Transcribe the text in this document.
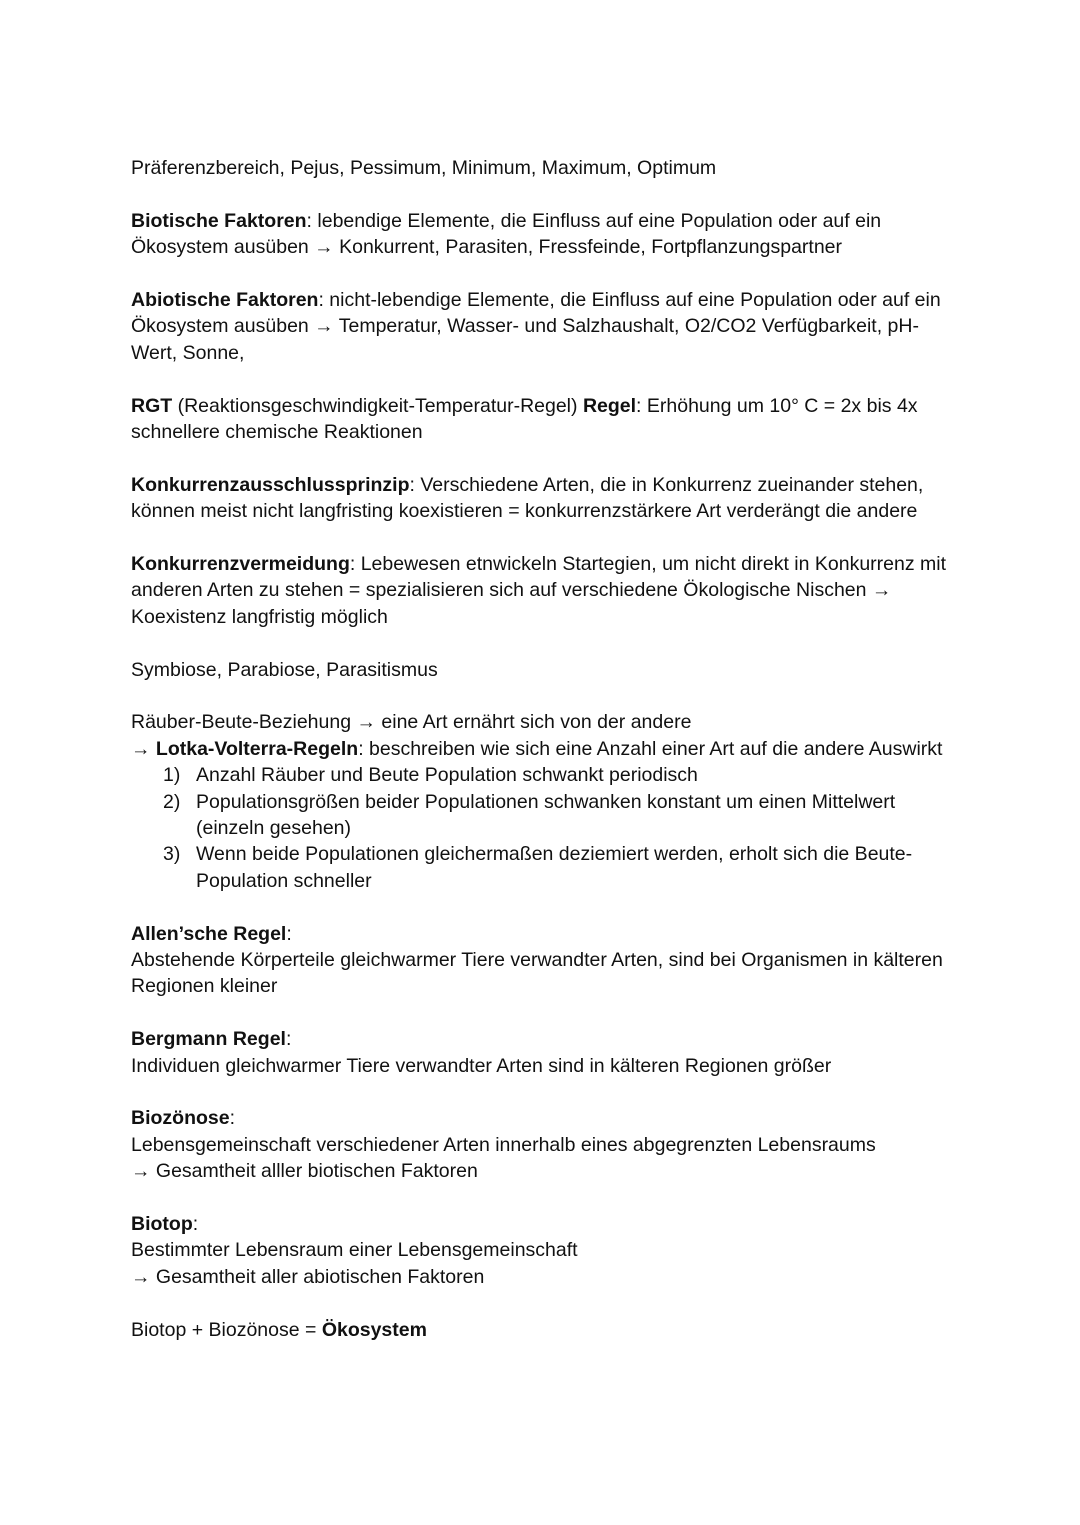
Präferenzbereich, Pejus, Pessimum, Minimum, Maximum, Optimum

Biotische Faktoren: lebendige Elemente, die Einfluss auf eine Population oder auf ein Ökosystem ausüben → Konkurrent, Parasiten, Fressfeinde, Fortpflanzungspartner

Abiotische Faktoren: nicht-lebendige Elemente, die Einfluss auf eine Population oder auf ein Ökosystem ausüben → Temperatur, Wasser- und Salzhaushalt, O2/CO2 Verfügbarkeit, pH-Wert, Sonne,

RGT (Reaktionsgeschwindigkeit-Temperatur-Regel) Regel: Erhöhung um 10° C = 2x bis 4x schnellere chemische Reaktionen

Konkurrenzausschlussprinzip: Verschiedene Arten, die in Konkurrenz zueinander stehen, können meist nicht langfristing koexistieren = konkurrenzstärkere Art verderängt die andere

Konkurrenzvermeidung: Lebewesen etnwickeln Startegien, um nicht direkt in Konkurrenz mit anderen Arten zu stehen = spezialisieren sich auf verschiedene Ökologische Nischen → Koexistenz langfristig möglich

Symbiose, Parabiose, Parasitismus

Räuber-Beute-Beziehung → eine Art ernährt sich von der andere
→ Lotka-Volterra-Regeln: beschreiben wie sich eine Anzahl einer Art auf die andere Auswirkt
1) Anzahl Räuber und Beute Population schwankt periodisch
2) Populationsgrößen beider Populationen schwanken konstant um einen Mittelwert (einzeln gesehen)
3) Wenn beide Populationen gleichermaßen deziemiert werden, erholt sich die Beute-Population schneller
Allen’sche Regel:
Abstehende Körperteile gleichwarmer Tiere verwandter Arten, sind bei Organismen in kälteren Regionen kleiner
Bergmann Regel:
Individuen gleichwarmer Tiere verwandter Arten sind in kälteren Regionen größer
Biozönose:
Lebensgemeinschaft verschiedener Arten innerhalb eines abgegrenzten Lebensraums
→ Gesamtheit alller biotischen Faktoren
Biotop:
Bestimmter Lebensraum einer Lebensgemeinschaft
→ Gesamtheit aller abiotischen Faktoren

Biotop + Biozönose = Ökosystem
